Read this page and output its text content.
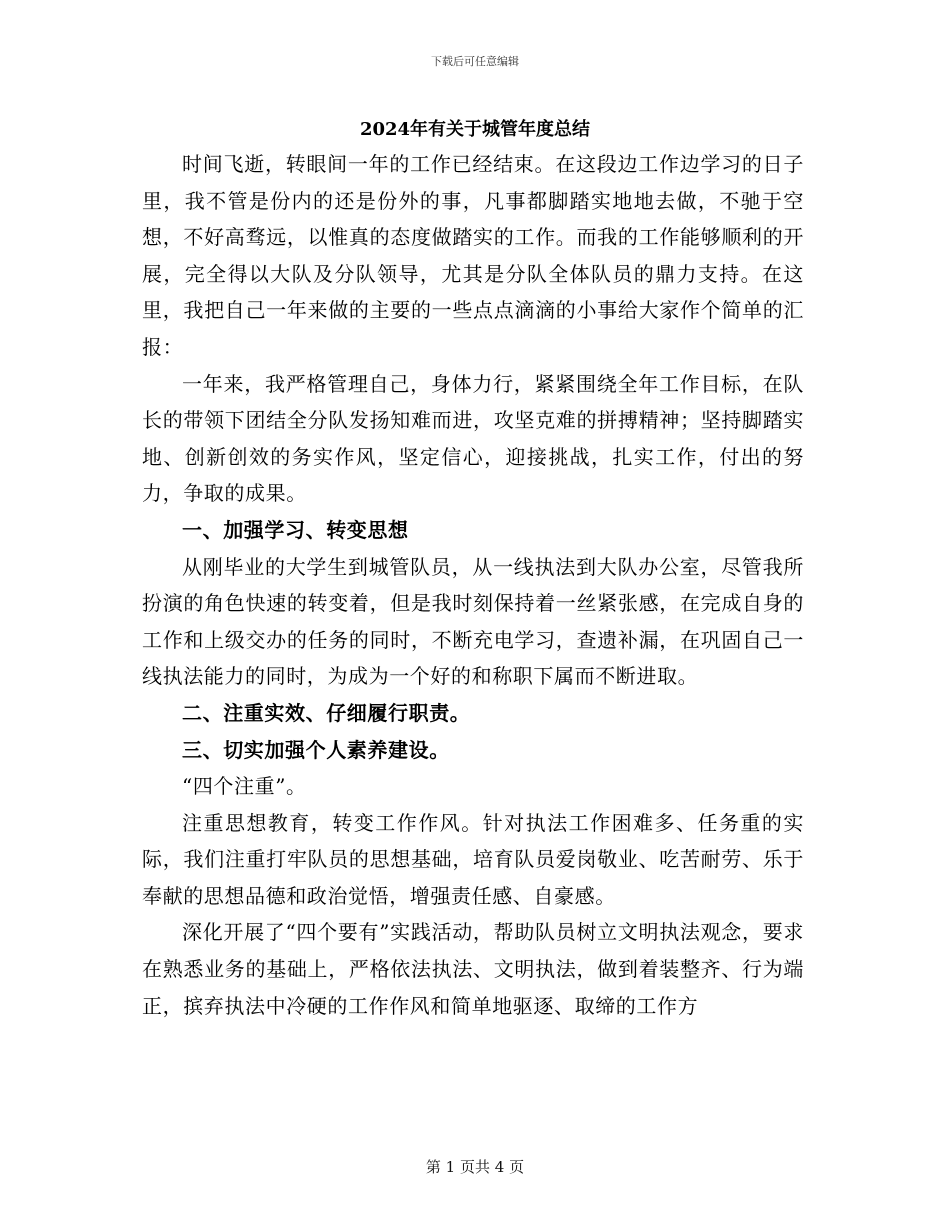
下载后可任意编辑
2024年有关于城管年度总结

时间飞逝，转眼间一年的工作已经结束。在这段边工作边学习的日子里，我不管是份内的还是份外的事，凡事都脚踏实地地去做，不驰于空想，不好高骛远，以惟真的态度做踏实的工作。而我的工作能够顺利的开展，完全得以大队及分队领导，尤其是分队全体队员的鼎力支持。在这里，我把自己一年来做的主要的一些点点滴滴的小事给大家作个简单的汇报：

一年来，我严格管理自己，身体力行，紧紧围绕全年工作目标，在队长的带领下团结全分队发扬知难而进，攻坚克难的拼搏精神；坚持脚踏实地、创新创效的务实作风，坚定信心，迎接挑战，扎实工作，付出的努力，争取的成果。

一、加强学习、转变思想

从刚毕业的大学生到城管队员，从一线执法到大队办公室，尽管我所扮演的角色快速的转变着，但是我时刻保持着一丝紧张感，在完成自身的工作和上级交办的任务的同时，不断充电学习，查遗补漏，在巩固自己一线执法能力的同时，为成为一个好的和称职下属而不断进取。

二、注重实效、仔细履行职责。

三、切实加强个人素养建设。

“四个注重”。

注重思想教育，转变工作作风。针对执法工作困难多、任务重的实际，我们注重打牢队员的思想基础，培育队员爱岗敬业、吃苦耐劳、乐于奉献的思想品德和政治觉悟，增强责任感、自豪感。

深化开展了“四个要有”实践活动，帮助队员树立文明执法观念，要求在熟悉业务的基础上，严格依法执法、文明执法，做到着装整齐、行为端正，摈弃执法中冷硬的工作作风和简单地驱逐、取缔的工作方

第 1 页共 4 页
